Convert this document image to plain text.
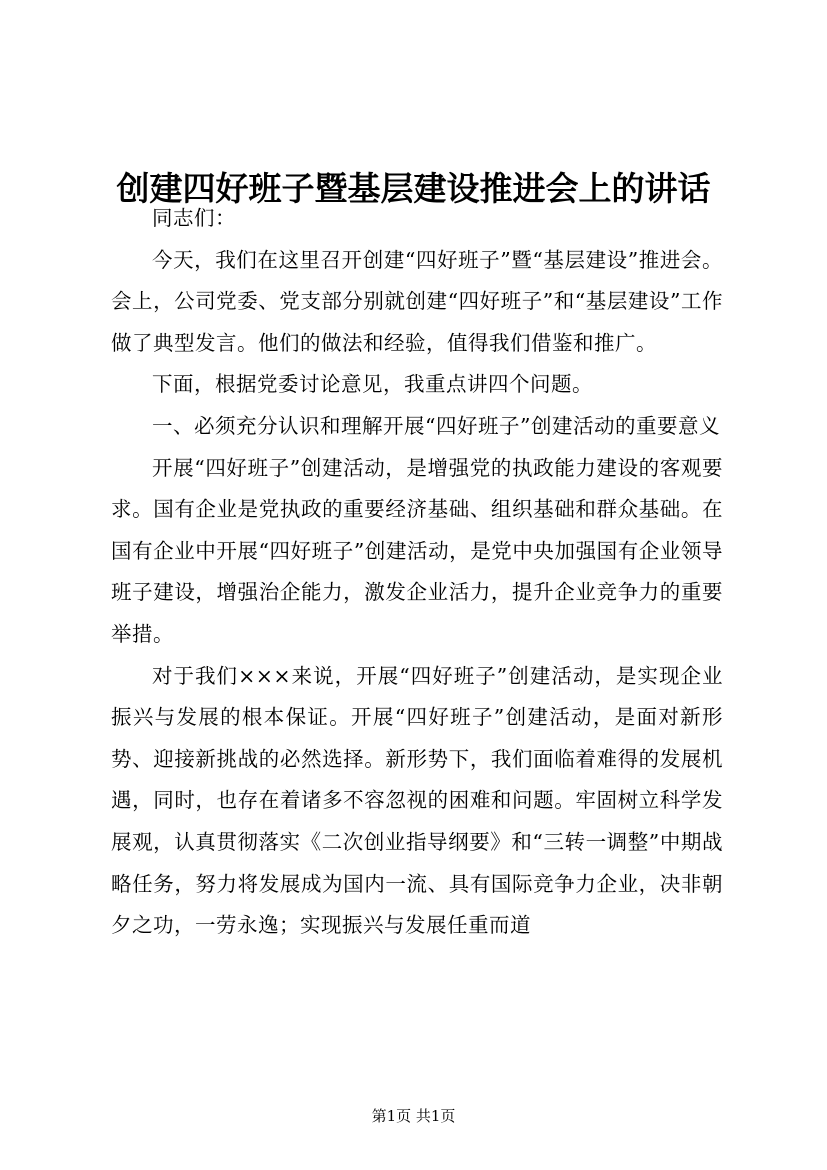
创建四好班子暨基层建设推进会上的讲话

同志们：

今天，我们在这里召开创建“四好班子”暨“基层建设”推进会。会上，公司党委、党支部分别就创建“四好班子”和“基层建设”工作做了典型发言。他们的做法和经验，值得我们借鉴和推广。

下面，根据党委讨论意见，我重点讲四个问题。

一、必须充分认识和理解开展“四好班子”创建活动的重要意义

开展“四好班子”创建活动，是增强党的执政能力建设的客观要求。国有企业是党执政的重要经济基础、组织基础和群众基础。在国有企业中开展“四好班子”创建活动，是党中央加强国有企业领导班子建设，增强治企能力，激发企业活力，提升企业竞争力的重要举措。

对于我们×××来说，开展“四好班子”创建活动，是实现企业振兴与发展的根本保证。开展“四好班子”创建活动，是面对新形势、迎接新挑战的必然选择。新形势下，我们面临着难得的发展机遇，同时，也存在着诸多不容忽视的困难和问题。牢固树立科学发展观，认真贯彻落实《二次创业指导纲要》和“三转一调整”中期战略任务，努力将发展成为国内一流、具有国际竞争力企业，决非朝夕之功，一劳永逸；实现振兴与发展任重而道

第1页 共1页
